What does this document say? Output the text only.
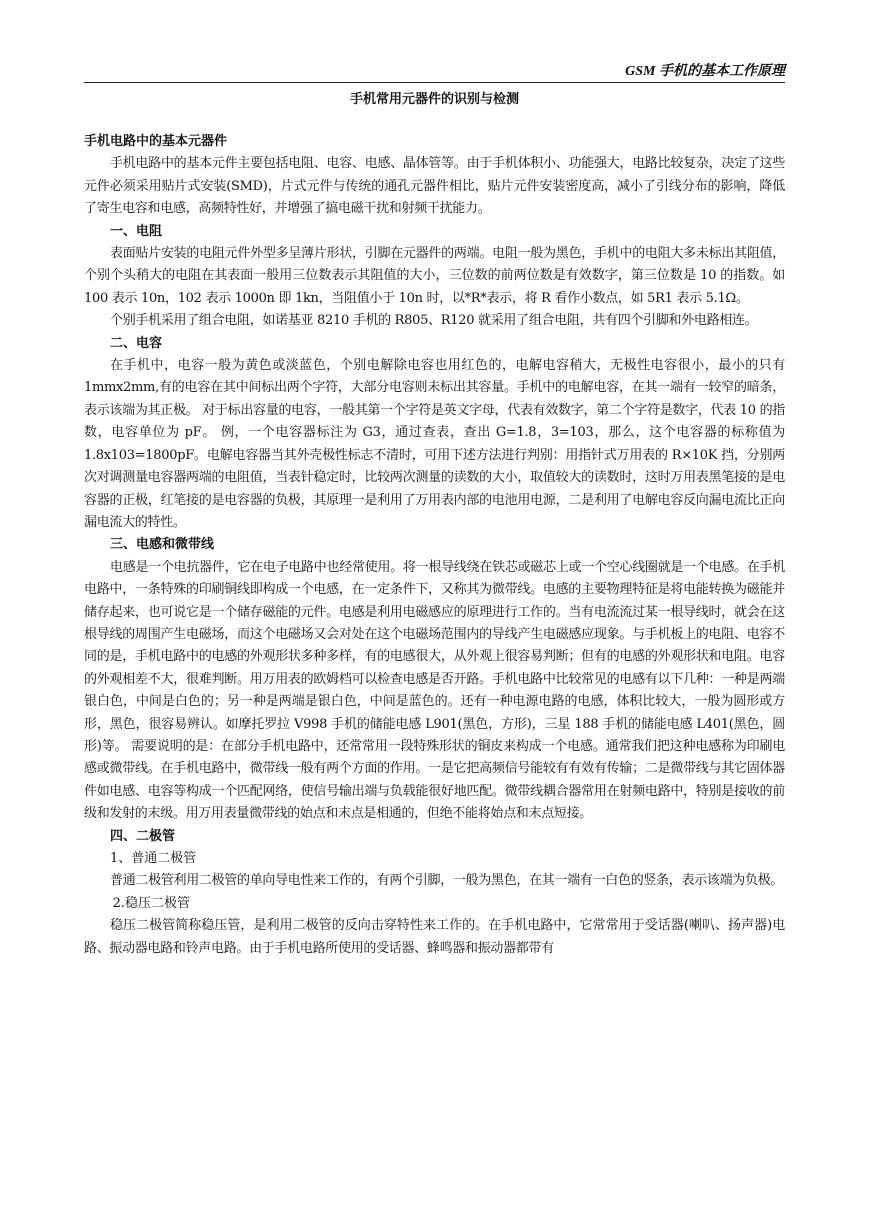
GSM 手机的基本工作原理
手机常用元器件的识别与检测
手机电路中的基本元器件

手机电路中的基本元件主要包括电阻、电容、电感、晶体管等。由于手机体积小、功能强大，电路比较复杂，决定了这些元件必须采用贴片式安装(SMD)，片式元件与传统的通孔元器件相比，贴片元件安装密度高，减小了引线分布的影响，降低了寄生电容和电感，高频特性好，并增强了搞电磁干扰和射频干扰能力。

一、电阻

表面贴片安装的电阻元件外型多呈薄片形状，引脚在元器件的两端。电阻一般为黑色，手机中的电阻大多未标出其阻值，个别个头稍大的电阻在其表面一般用三位数表示其阻值的大小，三位数的前两位数是有效数字，第三位数是 10 的指数。如 100 表示 10n，102 表示 1000n 即 1kn，当阻值小于 10n 时，以*R*表示，将 R 看作小数点，如 5R1 表示 5.1Ω。

个别手机采用了组合电阻，如诺基亚 8210 手机的 R805、R120 就采用了组合电阻，共有四个引脚和外电路相连。

二、电容

在手机中，电容一般为黄色或淡蓝色，个别电解除电容也用红色的，电解电容稍大，无极性电容很小，最小的只有 1mmx2mm,有的电容在其中间标出两个字符，大部分电容则未标出其容量。手机中的电解电容，在其一端有一较窄的暗条，表示该端为其正极。 对于标出容量的电容，一般其第一个字符是英文字母，代表有效数字，第二个字符是数字，代表 10 的指数，电容单位为 pF。 例，一个电容器标注为 G3，通过查表，查出 G=1.8，3=103，那么，这个电容器的标称值为 1.8x103=1800pF。电解电容器当其外壳极性标志不清时，可用下述方法进行判别：用指针式万用表的 R×10K 挡，分别两次对调测量电容器两端的电阻值，当表针稳定时，比较两次测量的读数的大小，取值较大的读数时，这时万用表黑笔接的是电容器的正极，红笔接的是电容器的负极，其原理一是利用了万用表内部的电池用电源，二是利用了电解电容反向漏电流比正向漏电流大的特性。

三、电感和微带线

电感是一个电抗器件，它在电子电路中也经常使用。将一根导线绕在铁芯或磁芯上或一个空心线圈就是一个电感。在手机电路中，一条特殊的印刷铜线即构成一个电感，在一定条件下，又称其为微带线。电感的主要物理特征是将电能转换为磁能并储存起来，也可说它是一个储存磁能的元件。电感是利用电磁感应的原理进行工作的。当有电流流过某一根导线时，就会在这根导线的周围产生电磁场，而这个电磁场又会对处在这个电磁场范围内的导线产生电磁感应现象。与手机板上的电阻、电容不同的是，手机电路中的电感的外观形状多种多样，有的电感很大，从外观上很容易判断；但有的电感的外观形状和电阻。电容的外观相差不大，很难判断。用万用表的欧姆档可以检查电感是否开路。手机电路中比较常见的电感有以下几种：一种是两端银白色，中间是白色的；另一种是两端是银白色，中间是蓝色的。还有一种电源电路的电感，体积比较大，一般为圆形或方形，黑色，很容易辨认。如摩托罗拉 V998 手机的储能电感 L901(黑色，方形)，三星 188 手机的储能电感 L401(黑色，圆形)等。 需要说明的是：在部分手机电路中，还常常用一段特殊形状的铜皮来构成一个电感。通常我们把这种电感称为印刷电感或微带线。在手机电路中，微带线一般有两个方面的作用。一是它把高频信号能较有有效有传输；二是微带线与其它固体器件如电感、电容等构成一个匹配网络，使信号输出端与负载能很好地匹配。微带线耦合器常用在射频电路中，特别是接收的前级和发射的末级。用万用表量微带线的始点和末点是相通的，但绝不能将始点和末点短接。

四、二极管

1、普通二极管

普通二极管利用二极管的单向导电性来工作的，有两个引脚，一般为黑色，在其一端有一白色的竖条，表示该端为负极。

2.稳压二极管

稳压二极管简称稳压管，是利用二极管的反向击穿特性来工作的。在手机电路中，它常常用于受话器(喇叭、扬声器)电路、振动器电路和铃声电路。由于手机电路所使用的受话器、蜂鸣器和振动器都带有
